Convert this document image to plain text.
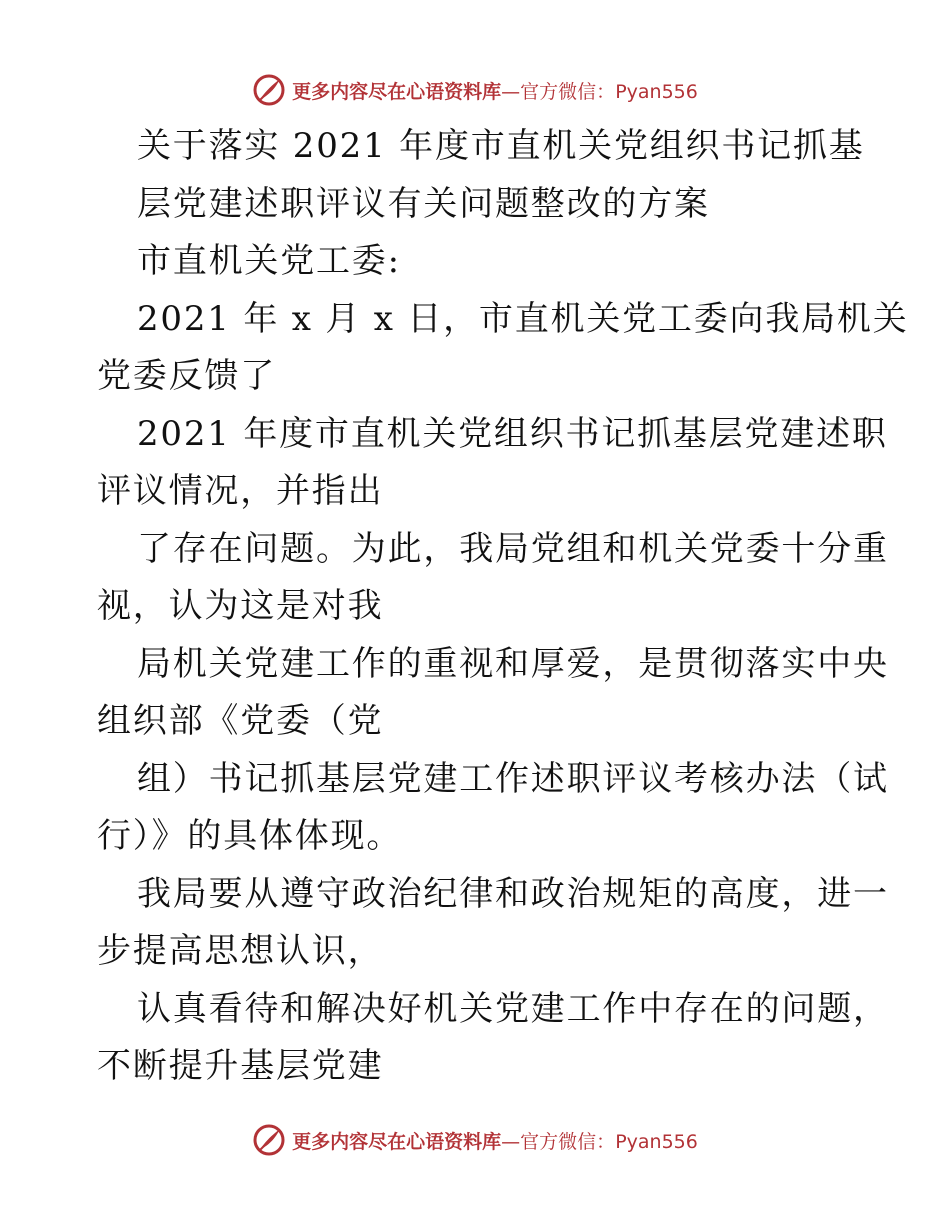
更多内容尽在心语资料库—官方微信：Pyan556
关于落实 2021 年度市直机关党组织书记抓基
层党建述职评议有关问题整改的方案
市直机关党工委:
2021 年 x 月 x 日，市直机关党工委向我局机关
党委反馈了
2021 年度市直机关党组织书记抓基层党建述职
评议情况，并指出
了存在问题。为此，我局党组和机关党委十分重
视，认为这是对我
局机关党建工作的重视和厚爱，是贯彻落实中央
组织部《党委（党
组）书记抓基层党建工作述职评议考核办法（试
行）》的具体体现。
我局要从遵守政治纪律和政治规矩的高度，进一
步提高思想认识，
认真看待和解决好机关党建工作中存在的问题，
不断提升基层党建
更多内容尽在心语资料库—官方微信：Pyan556
